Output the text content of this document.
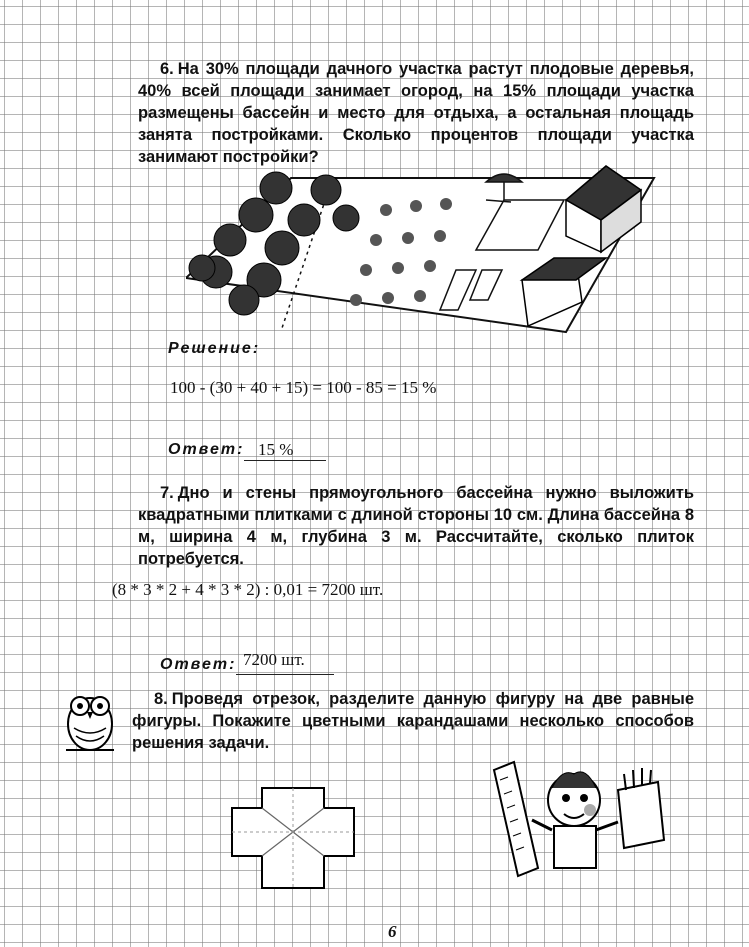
6. На 30% площади дачного участка растут плодовые деревья, 40% всей площади занимает огород, на 15% площади участка размещены бассейн и место для отдыха, а остальная площадь занята постройками. Сколько процентов площади участка занимают постройки?

Решение:
100 - (30 + 40 + 15) = 100 - 85 = 15 %
Ответ: 15 %

7. Дно и стены прямоугольного бассейна нужно выложить квадратными плитками с длиной стороны 10 см. Длина бассейна 8 м, ширина 4 м, глубина 3 м. Рассчитайте, сколько плиток потребуется.

(8 * 3 * 2 + 4 * 3 * 2) : 0,01 = 7200 шт.
Ответ: 7200 шт.

8. Проведя отрезок, разделите данную фигуру на две равные фигуры. Покажите цветными карандашами несколько способов решения задачи.

6
